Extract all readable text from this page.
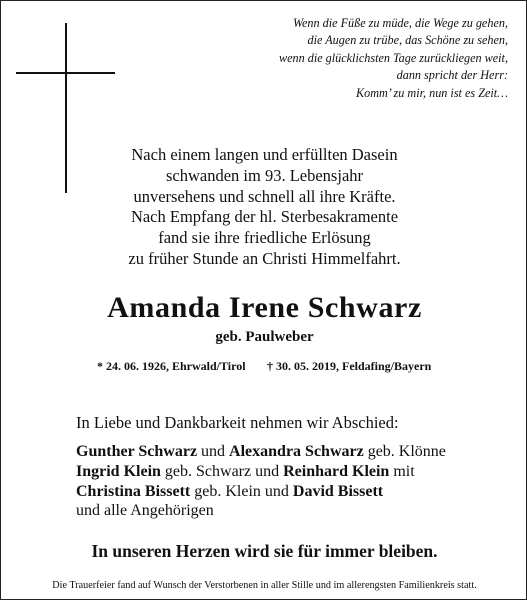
Wenn die Füße zu müde, die Wege zu gehen,
die Augen zu trübe, das Schöne zu sehen,
wenn die glücklichsten Tage zurückliegen weit,
dann spricht der Herr:
Komm’ zu mir, nun ist es Zeit…
Nach einem langen und erfüllten Dasein
schwanden im 93. Lebensjahr
unversehens und schnell all ihre Kräfte.
Nach Empfang der hl. Sterbesakramente
fand sie ihre friedliche Erlösung
zu früher Stunde an Christi Himmelfahrt.
Amanda Irene Schwarz
geb. Paulweber
* 24. 06. 1926, Ehrwald/Tirol † 30. 05. 2019, Feldafing/Bayern
In Liebe und Dankbarkeit nehmen wir Abschied:
Gunther Schwarz und Alexandra Schwarz geb. Klönne
Ingrid Klein geb. Schwarz und Reinhard Klein mit
Christina Bissett geb. Klein und David Bissett
und alle Angehörigen
In unseren Herzen wird sie für immer bleiben.
Die Trauerfeier fand auf Wunsch der Verstorbenen in aller Stille und im allerengsten Familienkreis statt.
